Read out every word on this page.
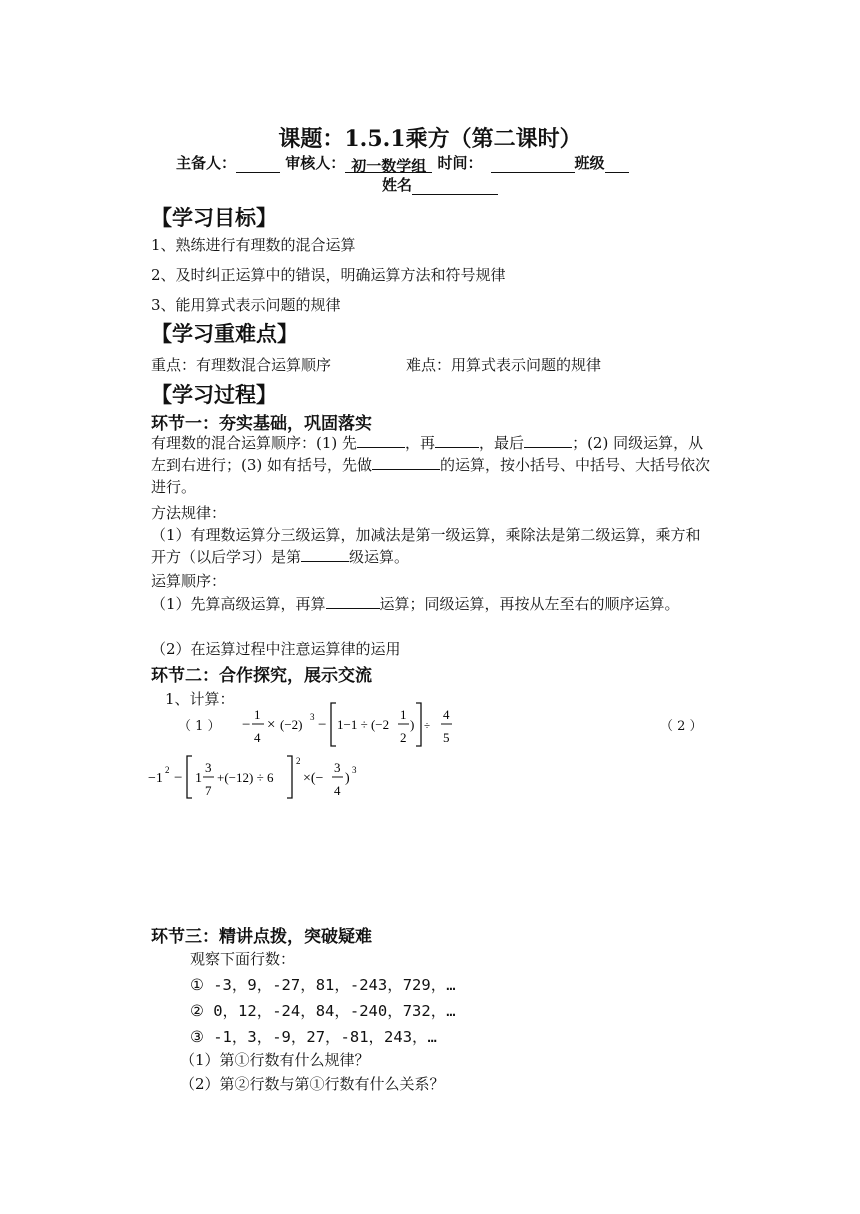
课题：1.5.1乘方（第二课时）
主备人：	审核人： 初一数学组 时间：	班级
姓名
【学习目标】
1、熟练进行有理数的混合运算
2、及时纠正运算中的错误，明确运算方法和符号规律
3、能用算式表示问题的规律
【学习重难点】
重点：有理数混合运算顺序	难点：用算式表示问题的规律
【学习过程】
环节一：夯实基础，巩固落实
有理数的混合运算顺序：(1) 先	，再	，最后	；(2) 同级运算，从左到右进行；(3) 如有括号，先做	的运算，按小括号、中括号、大括号依次进行。
方法规律：
（1）有理数运算分三级运算，加减法是第一级运算，乘除法是第二级运算，乘方和开方（以后学习）是第	级运算。
运算顺序：
（1）先算高级运算，再算	运算；同级运算，再按从左至右的顺序运算。
（2）在运算过程中注意运算律的运用
环节二：合作探究，展示交流
1、计算：
（ 1 ）	（ 2 ）
−
1
4
× (−2) 3 − 1−1 ÷ (−2
1
2
) ÷
4
5
−1
2 − 1
3
7
+(−12) ÷ 6
2
×(−
3
4
)
3
环节三：精讲点拨，突破疑难
观察下面行数：
① -3，9，-27，81，-243，729，…
② 0，12，-24，84，-240，732，…
③ -1，3，-9，27，-81，243，…
（1）第①行数有什么规律？
（2）第②行数与第①行数有什么关系？
